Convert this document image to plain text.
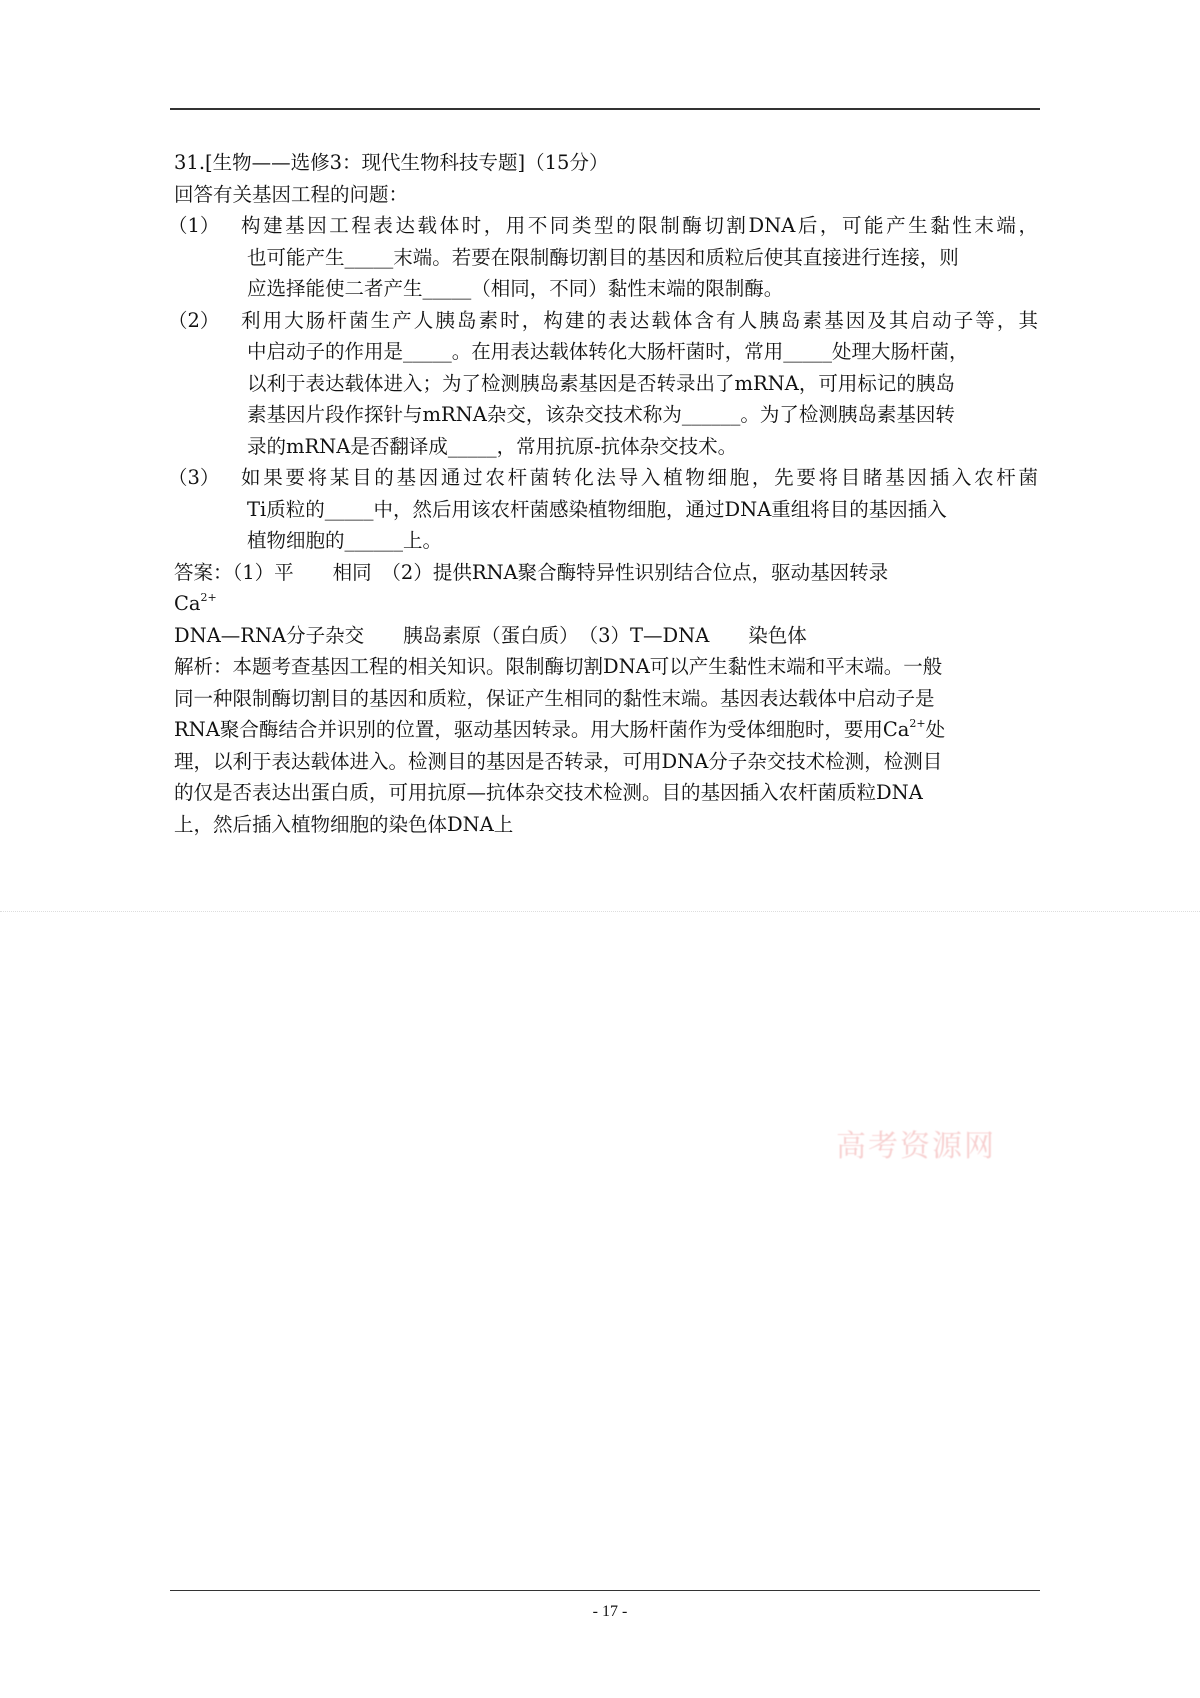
31.[生物——选修3：现代生物科技专题]（15分）
回答有关基因工程的问题：
（1）	构建基因工程表达载体时，用不同类型的限制酶切割DNA后，可能产生黏性末端，
也可能产生_____末端。若要在限制酶切割目的基因和质粒后使其直接进行连接，则
应选择能使二者产生_____（相同，不同）黏性末端的限制酶。
（2）	利用大肠杆菌生产人胰岛素时，构建的表达载体含有人胰岛素基因及其启动子等，其
中启动子的作用是_____。在用表达载体转化大肠杆菌时，常用_____处理大肠杆菌，
以利于表达载体进入；为了检测胰岛素基因是否转录出了mRNA，可用标记的胰岛
素基因片段作探针与mRNA杂交，该杂交技术称为______。为了检测胰岛素基因转
录的mRNA是否翻译成_____，常用抗原-抗体杂交技术。
（3）	如果要将某目的基因通过农杆菌转化法导入植物细胞，先要将目睹基因插入农杆菌
Ti质粒的_____中，然后用该农杆菌感染植物细胞，通过DNA重组将目的基因插入
植物细胞的______上。
答案：（1）平　　相同　（2）提供RNA聚合酶特异性识别结合位点，驱动基因转录
$Ca^{2+}$
DNA—RNA分子杂交　　胰岛素原（蛋白质）　（3）T—DNA　　染色体
解析：本题考查基因工程的相关知识。限制酶切割DNA可以产生黏性末端和平末端。一般
同一种限制酶切割目的基因和质粒，保证产生相同的黏性末端。基因表达载体中启动子是
RNA聚合酶结合并识别的位置，驱动基因转录。用大肠杆菌作为受体细胞时，要用$Ca^{2+}$处
理，以利于表达载体进入。检测目的基因是否转录，可用DNA分子杂交技术检测，检测目
的仅是否表达出蛋白质，可用抗原—抗体杂交技术检测。目的基因插入农杆菌质粒DNA
上，然后插入植物细胞的染色体DNA上
高考资源网
- 17 -
